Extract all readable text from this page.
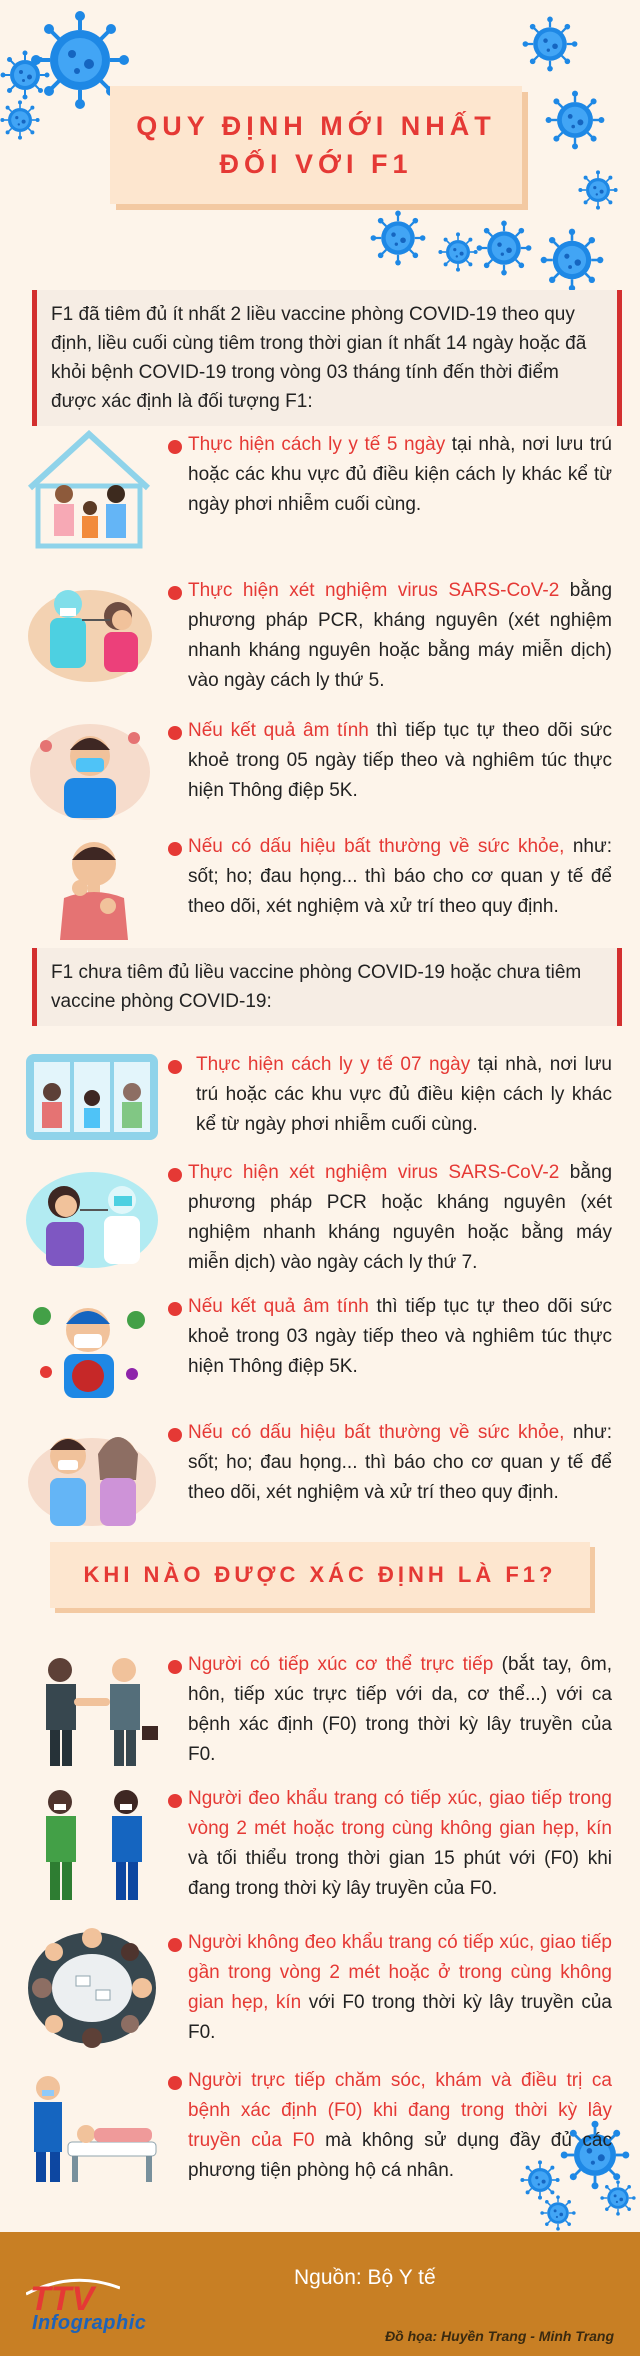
QUY ĐỊNH MỚI NHẤT
ĐỐI VỚI F1
F1 đã tiêm đủ ít nhất 2 liều vaccine phòng COVID-19 theo quy định, liều cuối cùng tiêm trong thời gian ít nhất 14 ngày hoặc đã khỏi bệnh COVID-19 trong vòng 03 tháng tính đến thời điểm được xác định là đối tượng F1:
Thực hiện cách ly y tế 5 ngày tại nhà, nơi lưu trú hoặc các khu vực đủ điều kiện cách ly khác kể từ ngày phơi nhiễm cuối cùng.
Thực hiện xét nghiệm virus SARS-CoV-2 bằng phương pháp PCR, kháng nguyên (xét nghiệm nhanh kháng nguyên hoặc bằng máy miễn dịch) vào ngày cách ly thứ 5.
Nếu kết quả âm tính thì tiếp tục tự theo dõi sức khoẻ trong 05 ngày tiếp theo và nghiêm túc thực hiện Thông điệp 5K.
Nếu có dấu hiệu bất thường về sức khỏe, như: sốt; ho; đau họng... thì báo cho cơ quan y tế để theo dõi, xét nghiệm và xử trí theo quy định.
F1 chưa tiêm đủ liều vaccine phòng COVID-19 hoặc chưa tiêm vaccine phòng COVID-19:
Thực hiện cách ly y tế 07 ngày tại nhà, nơi lưu trú hoặc các khu vực đủ điều kiện cách ly khác kể từ ngày phơi nhiễm cuối cùng.
Thực hiện xét nghiệm virus SARS-CoV-2 bằng phương pháp PCR hoặc kháng nguyên (xét nghiệm nhanh kháng nguyên hoặc bằng máy miễn dịch) vào ngày cách ly thứ 7.
Nếu kết quả âm tính thì tiếp tục tự theo dõi sức khoẻ trong 03 ngày tiếp theo và nghiêm túc thực hiện Thông điệp 5K.
Nếu có dấu hiệu bất thường về sức khỏe, như: sốt; ho; đau họng... thì báo cho cơ quan y tế để theo dõi, xét nghiệm và xử trí theo quy định.
KHI NÀO ĐƯỢC XÁC ĐỊNH LÀ F1?
Người có tiếp xúc cơ thể trực tiếp (bắt tay, ôm, hôn, tiếp xúc trực tiếp với da, cơ thể...) với ca bệnh xác định (F0) trong thời kỳ lây truyền của F0.
Người đeo khẩu trang có tiếp xúc, giao tiếp trong vòng 2 mét hoặc trong cùng không gian hẹp, kín và tối thiểu trong thời gian 15 phút với (F0) khi đang trong thời kỳ lây truyền của F0.
Người không đeo khẩu trang có tiếp xúc, giao tiếp gần trong vòng 2 mét hoặc ở trong cùng không gian hẹp, kín với F0 trong thời kỳ lây truyền của F0.
Người trực tiếp chăm sóc, khám và điều trị ca bệnh xác định (F0) khi đang trong thời kỳ lây truyền của F0 mà không sử dụng đầy đủ các phương tiện phòng hộ cá nhân.
TTV
Infographic
Nguồn: Bộ Y tế
Đồ họa: Huyền Trang - Minh Trang
